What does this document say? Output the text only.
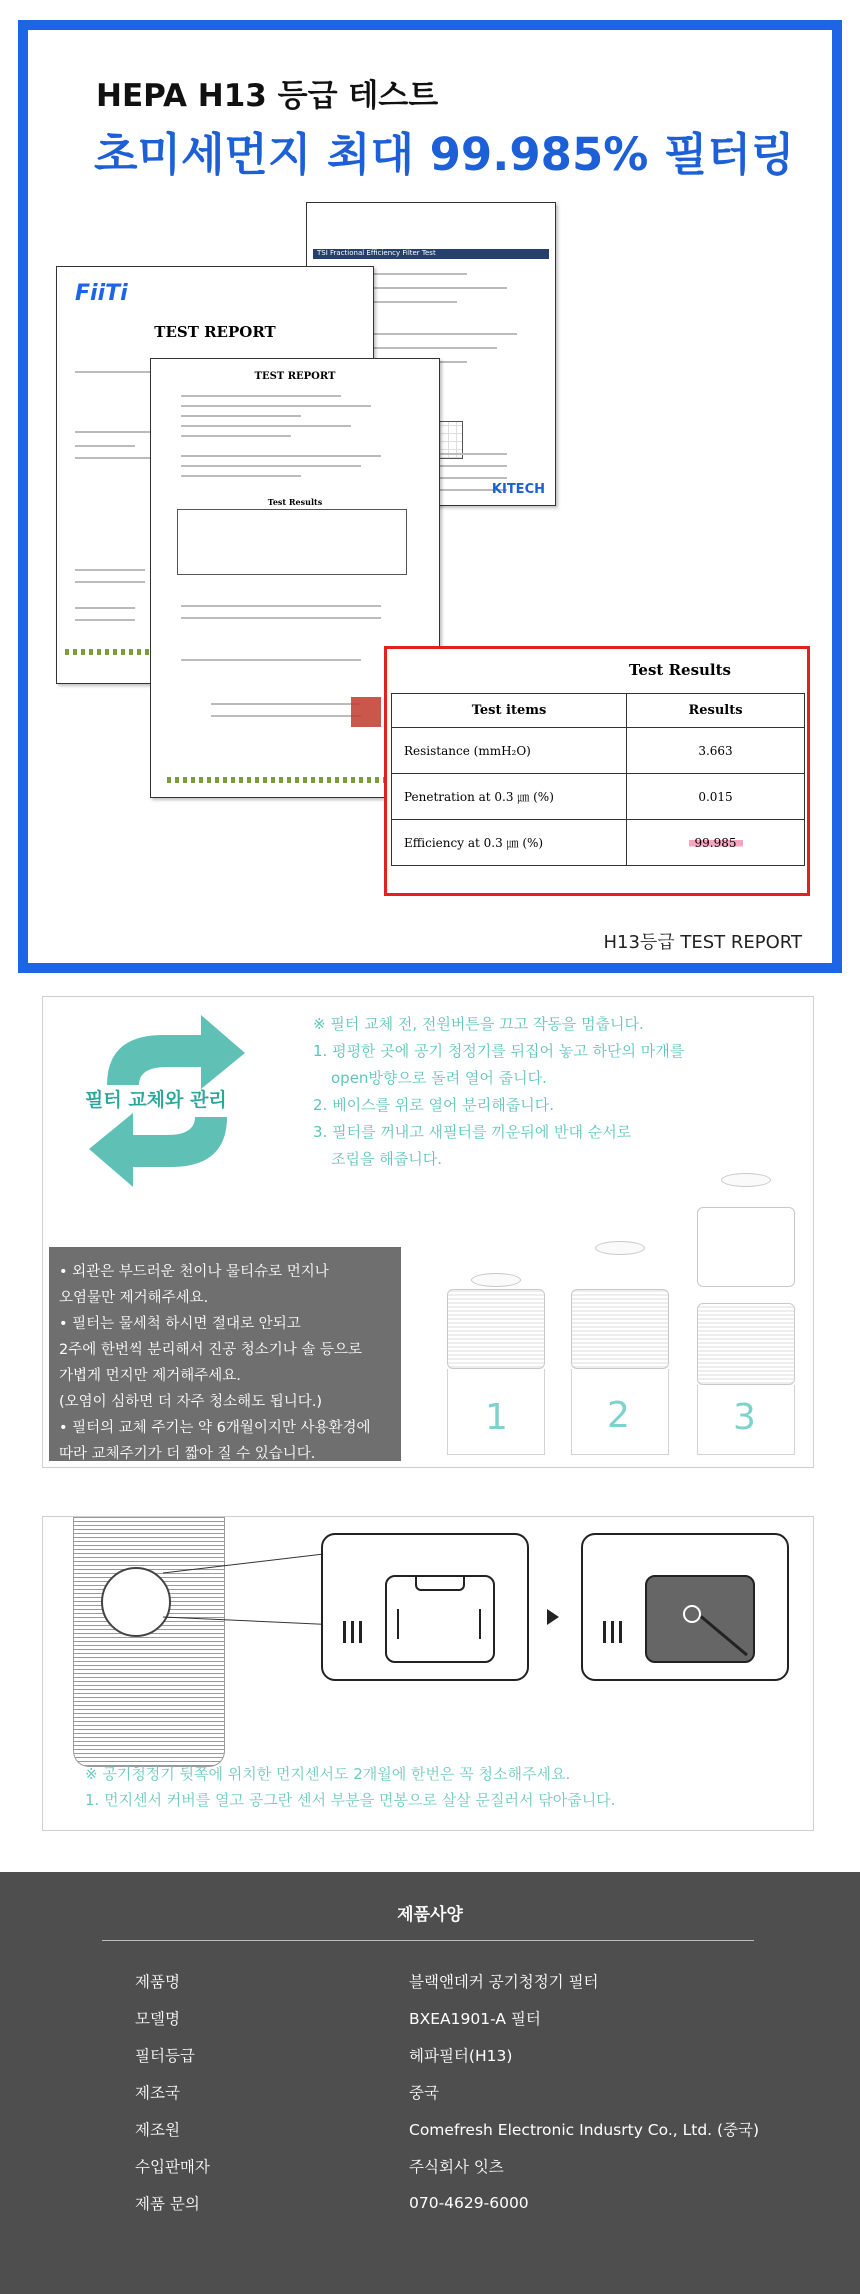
HEPA H13 등급 테스트
초미세먼지 최대 99.985% 필터링
TSI Fractional Efficiency Filter Test
KITECH
FiiTi
TEST REPORT
TEST REPORT
Test Results
Test Results
Test items	Results
Resistance (mmH₂O)	3.663
Penetration at 0.3 ㎛ (%)	0.015
Efficiency at 0.3 ㎛ (%)	99.985
H13등급 TEST REPORT
필터 교체와 관리
※ 필터 교체 전, 전원버튼을 끄고 작동을 멈춥니다.
1. 평평한 곳에 공기 청정기를 뒤집어 놓고 하단의 마개를
open방향으로 돌려 열어 줍니다.
2. 베이스를 위로 열어 분리해줍니다.
3. 필터를 꺼내고 새필터를 끼운뒤에 반대 순서로
조립을 해줍니다.
• 외관은 부드러운 천이나 물티슈로 먼지나
오염물만 제거해주세요.
• 필터는 물세척 하시면 절대로 안되고
2주에 한번씩 분리해서 진공 청소기나 솔 등으로
가볍게 먼지만 제거해주세요.
(오염이 심하면 더 자주 청소해도 됩니다.)
• 필터의 교체 주기는 약 6개월이지만 사용환경에
따라 교체주기가 더 짧아 질 수 있습니다.
1	2	3
※ 공기청정기 뒷쪽에 위치한 먼지센서도 2개월에 한번은 꼭 청소해주세요.
1. 먼지센서 커버를 열고 공그란 센서 부분을 면봉으로 살살 문질러서 닦아줍니다.
제품사양
제품명	블랙앤데커 공기청정기 필터
모델명	BXEA1901-A 필터
필터등급	헤파필터(H13)
제조국	중국
제조원	Comefresh Electronic Indusrty Co., Ltd. (중국)
수입판매자	주식회사 잇츠
제품 문의	070-4629-6000
